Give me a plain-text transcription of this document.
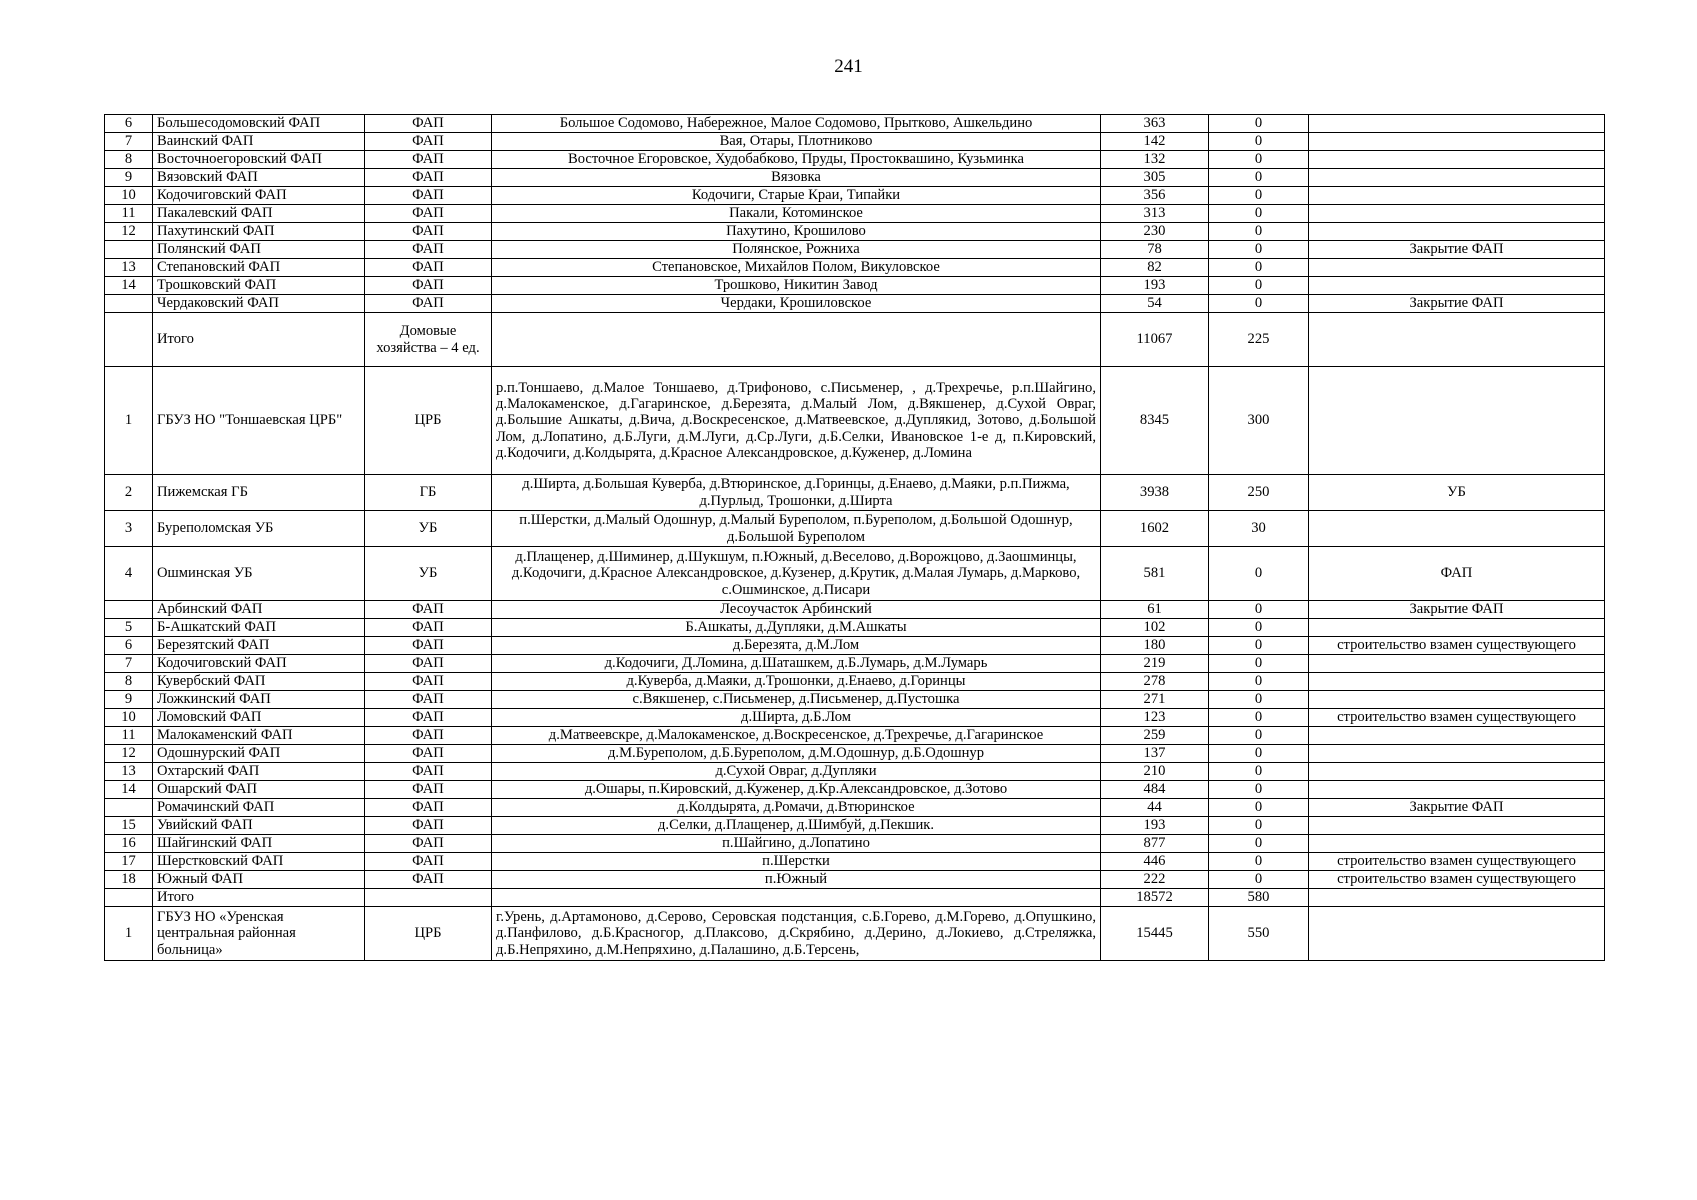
241
6	Большесодомовский ФАП	ФАП	Большое Содомово, Набережное, Малое Содомово, Прытково, Ашкельдино	363	0	
7	Ваинский ФАП	ФАП	Вая, Отары, Плотниково	142	0	
8	Восточноегоровский ФАП	ФАП	Восточное Егоровское, Худобабково, Пруды, Простоквашино, Кузьминка	132	0	
9	Вязовский ФАП	ФАП	Вязовка	305	0	
10	Кодочиговский ФАП	ФАП	Кодочиги, Старые Краи, Типайки	356	0	
11	Пакалевский ФАП	ФАП	Пакали, Котоминское	313	0	
12	Пахутинский ФАП	ФАП	Пахутино, Крошилово	230	0	
	Полянский ФАП	ФАП	Полянское, Рожниха	78	0	Закрытие ФАП
13	Степановский ФАП	ФАП	Степановское, Михайлов Полом, Викуловское	82	0	
14	Трошковский ФАП	ФАП	Трошково, Никитин Завод	193	0	
	Чердаковский ФАП	ФАП	Чердаки, Крошиловское	54	0	Закрытие ФАП
	Итого	Домовые хозяйства – 4 ед.		11067	225	
1	ГБУЗ НО "Тоншаевская ЦРБ"	ЦРБ	р.п.Тоншаево, д.Малое Тоншаево, д.Трифоново, с.Письменер, , д.Трехречье, р.п.Шайгино, д.Малокаменское, д.Гагаринское, д.Березята, д.Малый Лом, д.Вякшенер, д.Сухой Овраг, д.Большие Ашкаты, д.Вича, д.Воскресенское, д.Матвеевское, д.Дуплякид, Зотово, д.Большой Лом, д.Лопатино, д.Б.Луги, д.М.Луги, д.Ср.Луги, д.Б.Селки, Ивановское 1-е д, п.Кировский, д.Кодочиги, д.Колдырята, д.Красное Александровское, д.Куженер, д.Ломина	8345	300	
2	Пижемская ГБ	ГБ	д.Ширта, д.Большая Куверба, д.Втюринское, д.Горинцы, д.Енаево, д.Маяки, р.п.Пижма, д.Пурлыд, Трошонки, д.Ширта	3938	250	УБ
3	Буреполомская УБ	УБ	п.Шерстки, д.Малый Одошнур, д.Малый Буреполом, п.Буреполом, д.Большой Одошнур, д.Большой Буреполом	1602	30	
4	Ошминская УБ	УБ	д.Плащенер, д.Шиминер, д.Шукшум, п.Южный, д.Веселово, д.Ворожцово, д.Заошминцы, д.Кодочиги, д.Красное Александровское, д.Кузенер, д.Крутик, д.Малая Лумарь, д.Марково, с.Ошминское, д.Писари	581	0	ФАП
	Арбинский ФАП	ФАП	Лесоучасток Арбинский	61	0	Закрытие ФАП
5	Б-Ашкатский ФАП	ФАП	Б.Ашкаты, д.Дупляки, д.М.Ашкаты	102	0	
6	Березятский ФАП	ФАП	д.Березята, д.М.Лом	180	0	строительство взамен существующего
7	Кодочиговский ФАП	ФАП	д.Кодочиги, Д.Ломина, д.Шаташкем, д.Б.Лумарь, д.М.Лумарь	219	0	
8	Кувербский ФАП	ФАП	д.Куверба, д.Маяки, д.Трошонки, д.Енаево, д.Горинцы	278	0	
9	Ложкинский ФАП	ФАП	с.Вякшенер, с.Письменер, д.Письменер, д.Пустошка	271	0	
10	Ломовский ФАП	ФАП	д.Ширта, д.Б.Лом	123	0	строительство взамен существующего
11	Малокаменский ФАП	ФАП	д.Матвеевскре, д.Малокаменское, д.Воскресенское, д.Трехречье, д.Гагаринское	259	0	
12	Одошнурский ФАП	ФАП	д.М.Буреполом, д.Б.Буреполом, д.М.Одошнур, д.Б.Одошнур	137	0	
13	Охтарский ФАП	ФАП	д.Сухой Овраг, д.Дупляки	210	0	
14	Ошарский ФАП	ФАП	д.Ошары, п.Кировский, д.Куженер, д.Кр.Александровское, д.Зотово	484	0	
	Ромачинский ФАП	ФАП	д.Колдырята, д.Ромачи, д.Втюринское	44	0	Закрытие ФАП
15	Увийский ФАП	ФАП	д.Селки, д.Плащенер, д.Шимбуй, д.Пекшик.	193	0	
16	Шайгинский ФАП	ФАП	п.Шайгино, д.Лопатино	877	0	
17	Шерстковский ФАП	ФАП	п.Шерстки	446	0	строительство взамен существующего
18	Южный ФАП	ФАП	п.Южный	222	0	строительство взамен существующего
	Итого			18572	580	
1	ГБУЗ НО «Уренская центральная районная больница»	ЦРБ	г.Урень, д.Артамоново, д.Серово, Серовская подстанция, с.Б.Горево, д.М.Горево, д.Опушкино, д.Панфилово, д.Б.Красногор, д.Плаксово, д.Скрябино, д.Дерино, д.Локиево, д.Стреляжка, д.Б.Непряхино, д.М.Непряхино, д.Палашино, д.Б.Терсень,	15445	550	
